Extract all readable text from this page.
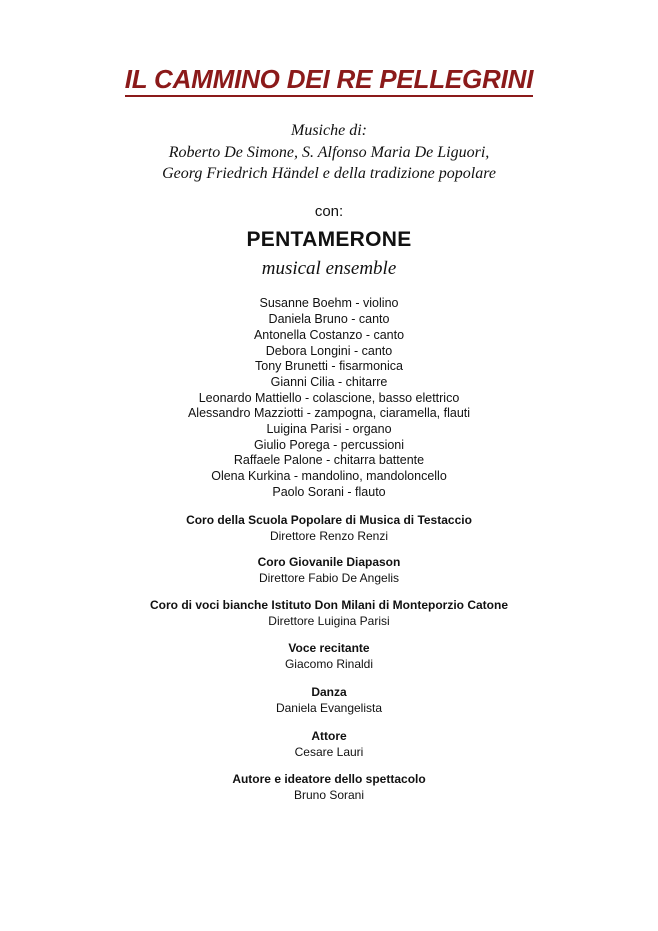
IL CAMMINO DEI RE PELLEGRINI
Musiche di:
Roberto De Simone, S. Alfonso Maria De Liguori,
Georg Friedrich Händel e della tradizione popolare
con:
PENTAMERONE
musical ensemble
Susanne Boehm - violino
Daniela Bruno - canto
Antonella Costanzo - canto
Debora Longini - canto
Tony Brunetti - fisarmonica
Gianni Cilia - chitarre
Leonardo Mattiello - colascione, basso elettrico
Alessandro Mazziotti - zampogna, ciaramella, flauti
Luigina Parisi - organo
Giulio Porega - percussioni
Raffaele Palone - chitarra battente
Olena Kurkina - mandolino, mandoloncello
Paolo Sorani - flauto
Coro della Scuola Popolare di Musica di Testaccio
Direttore Renzo Renzi
Coro Giovanile Diapason
Direttore Fabio De Angelis
Coro di voci bianche Istituto Don Milani di Monteporzio Catone
Direttore Luigina Parisi
Voce recitante
Giacomo Rinaldi
Danza
Daniela Evangelista
Attore
Cesare Lauri
Autore e ideatore dello spettacolo
Bruno Sorani
